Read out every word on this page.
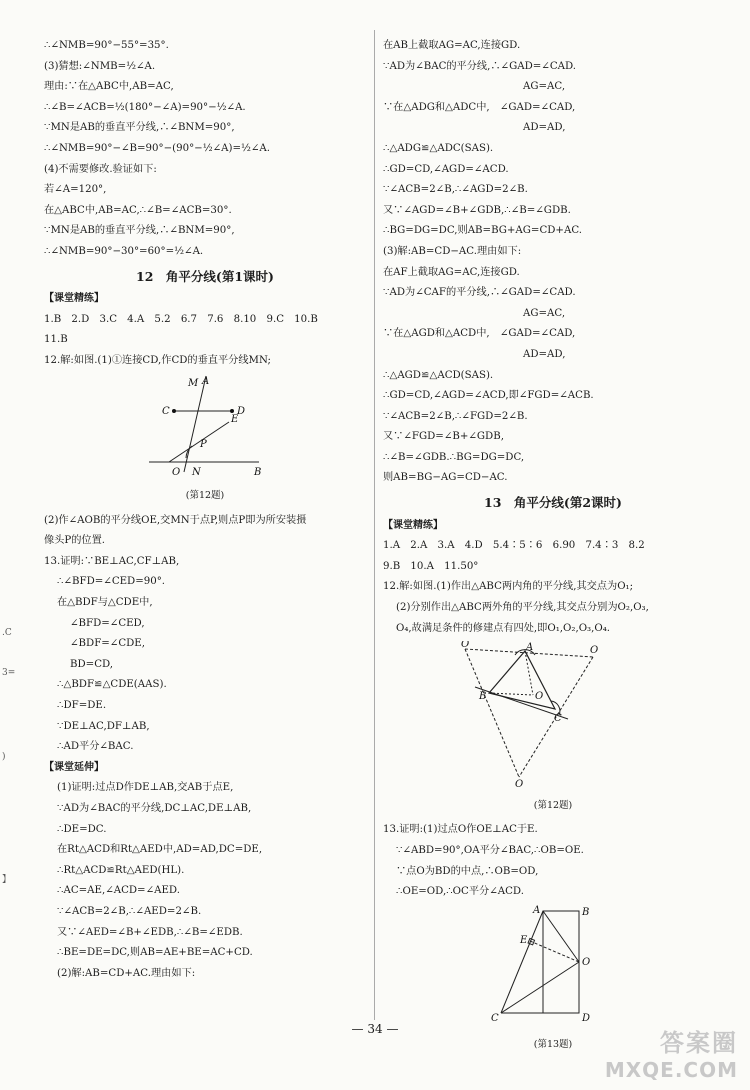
.C
3=
)
】
∴∠NMB=90°−55°=35°.
(3)猜想:∠NMB=½∠A.
理由:∵在△ABC中,AB=AC,
∴∠B=∠ACB=½(180°−∠A)=90°−½∠A.
∵MN是AB的垂直平分线,∴∠BNM=90°,
∴∠NMB=90°−∠B=90°−(90°−½∠A)=½∠A.
(4)不需要修改.验证如下:
若∠A=120°,
在△ABC中,AB=AC,∴∠B=∠ACB=30°.
∵MN是AB的垂直平分线,∴∠BNM=90°,
∴∠NMB=90°−30°=60°=½∠A.
12　角平分线(第1课时)
【课堂精练】
1.B　2.D　3.C　4.A　5.2　6.7　7.6　8.10　9.C　10.B
11.B
12.解:如图.(1)①连接CD,作CD的垂直平分线MN;
M A
C	D
E
P
O N	B
(第12题)
(2)作∠AOB的平分线OE,交MN于点P,则点P即为所安装摄
像头P的位置.
13.证明:∵BE⊥AC,CF⊥AB,
∴∠BFD=∠CED=90°.
在△BDF与△CDE中,
∠BFD=∠CED,
∠BDF=∠CDE,
BD=CD,
∴△BDF≌△CDE(AAS).
∴DF=DE.
∵DE⊥AC,DF⊥AB,
∴AD平分∠BAC.
【课堂延伸】
(1)证明:过点D作DE⊥AB,交AB于点E,
∵AD为∠BAC的平分线,DC⊥AC,DE⊥AB,
∴DE=DC.
在Rt△ACD和Rt△AED中,AD=AD,DC=DE,
∴Rt△ACD≌Rt△AED(HL).
∴AC=AE,∠ACD=∠AED.
∵∠ACB=2∠B,∴∠AED=2∠B.
又∵∠AED=∠B+∠EDB,∴∠B=∠EDB.
∴BE=DE=DC,则AB=AE+BE=AC+CD.
(2)解:AB=CD+AC.理由如下:
在AB上截取AG=AC,连接GD.
∵AD为∠BAC的平分线,∴∠GAD=∠CAD.
AG=AC,
∵在△ADG和△ADC中,　∠GAD=∠CAD,
AD=AD,
∴△ADG≌△ADC(SAS).
∴GD=CD,∠AGD=∠ACD.
∵∠ACB=2∠B,∴∠AGD=2∠B.
又∵∠AGD=∠B+∠GDB,∴∠B=∠GDB.
∴BG=DG=DC,则AB=BG+AG=CD+AC.
(3)解:AB=CD−AC.理由如下:
在AF上截取AG=AC,连接GD.
∵AD为∠CAF的平分线,∴∠GAD=∠CAD.
AG=AC,
∵在△AGD和△ACD中,　∠GAD=∠CAD,
AD=AD,
∴△AGD≌△ACD(SAS).
∴GD=CD,∠AGD=∠ACD,即∠FGD=∠ACB.
∵∠ACB=2∠B,∴∠FGD=2∠B.
又∵∠FGD=∠B+∠GDB,
∴∠B=∠GDB.∴BG=DG=DC,
则AB=BG−AG=CD−AC.
13　角平分线(第2课时)
【课堂精练】
1.A　2.A　3.A　4.D　5.4∶5∶6　6.90　7.4∶3　8.2
9.B　10.A　11.50°
12.解:如图.(1)作出△ABC两内角的平分线,其交点为O₁;
(2)分别作出△ABC两外角的平分线,其交点分别为O₂,O₃,
O₄,故满足条件的修建点有四处,即O₁,O₂,O₃,O₄.
O
O
A
B	O
C
O
(第12题)
13.证明:(1)过点O作OE⊥AC于E.
∵∠ABD=90°,OA平分∠BAC,∴OB=OE.
∵点O为BD的中点,∴OB=OD,
∴OE=OD,∴OC平分∠ACD.
A	B
E
O
C	D
(第13题)
— 34 —	答案圈
MXQE.COM
